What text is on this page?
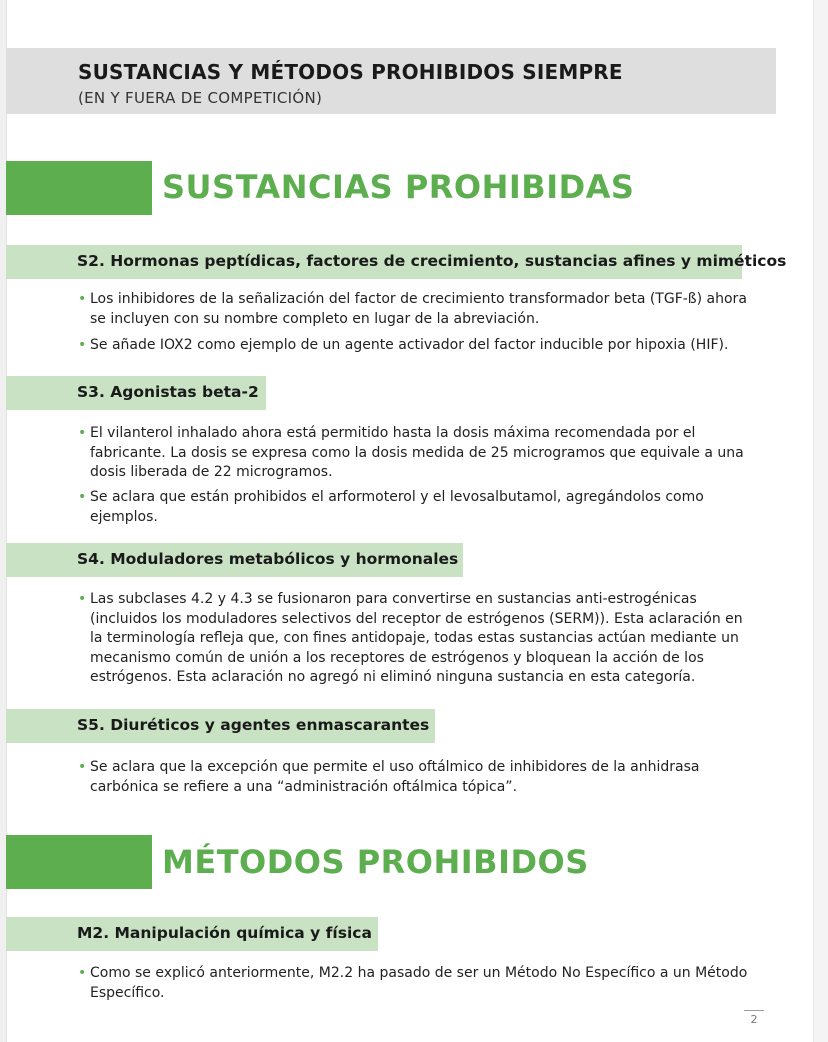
SUSTANCIAS Y MÉTODOS PROHIBIDOS SIEMPRE
(EN Y FUERA DE COMPETICIÓN)
SUSTANCIAS PROHIBIDAS
S2. Hormonas peptídicas, factores de crecimiento, sustancias afines y miméticos
• Los inhibidores de la señalización del factor de crecimiento transformador beta (TGF-ß) ahora se incluyen con su nombre completo en lugar de la abreviación.
• Se añade IOX2 como ejemplo de un agente activador del factor inducible por hipoxia (HIF).
S3. Agonistas beta-2
• El vilanterol inhalado ahora está permitido hasta la dosis máxima recomendada por el fabricante. La dosis se expresa como la dosis medida de 25 microgramos que equivale a una dosis liberada de 22 microgramos.
• Se aclara que están prohibidos el arformoterol y el levosalbutamol, agregándolos como ejemplos.
S4. Moduladores metabólicos y hormonales
• Las subclases 4.2 y 4.3 se fusionaron para convertirse en sustancias anti-estrogénicas (incluidos los moduladores selectivos del receptor de estrógenos (SERM)). Esta aclaración en la terminología refleja que, con fines antidopaje, todas estas sustancias actúan mediante un mecanismo común de unión a los receptores de estrógenos y bloquean la acción de los estrógenos. Esta aclaración no agregó ni eliminó ninguna sustancia en esta categoría.
S5. Diuréticos y agentes enmascarantes
• Se aclara que la excepción que permite el uso oftálmico de inhibidores de la anhidrasa carbónica se refiere a una “administración oftálmica tópica”.
MÉTODOS PROHIBIDOS
M2. Manipulación química y física
• Como se explicó anteriormente, M2.2 ha pasado de ser un Método No Específico a un Método Específico.
2
